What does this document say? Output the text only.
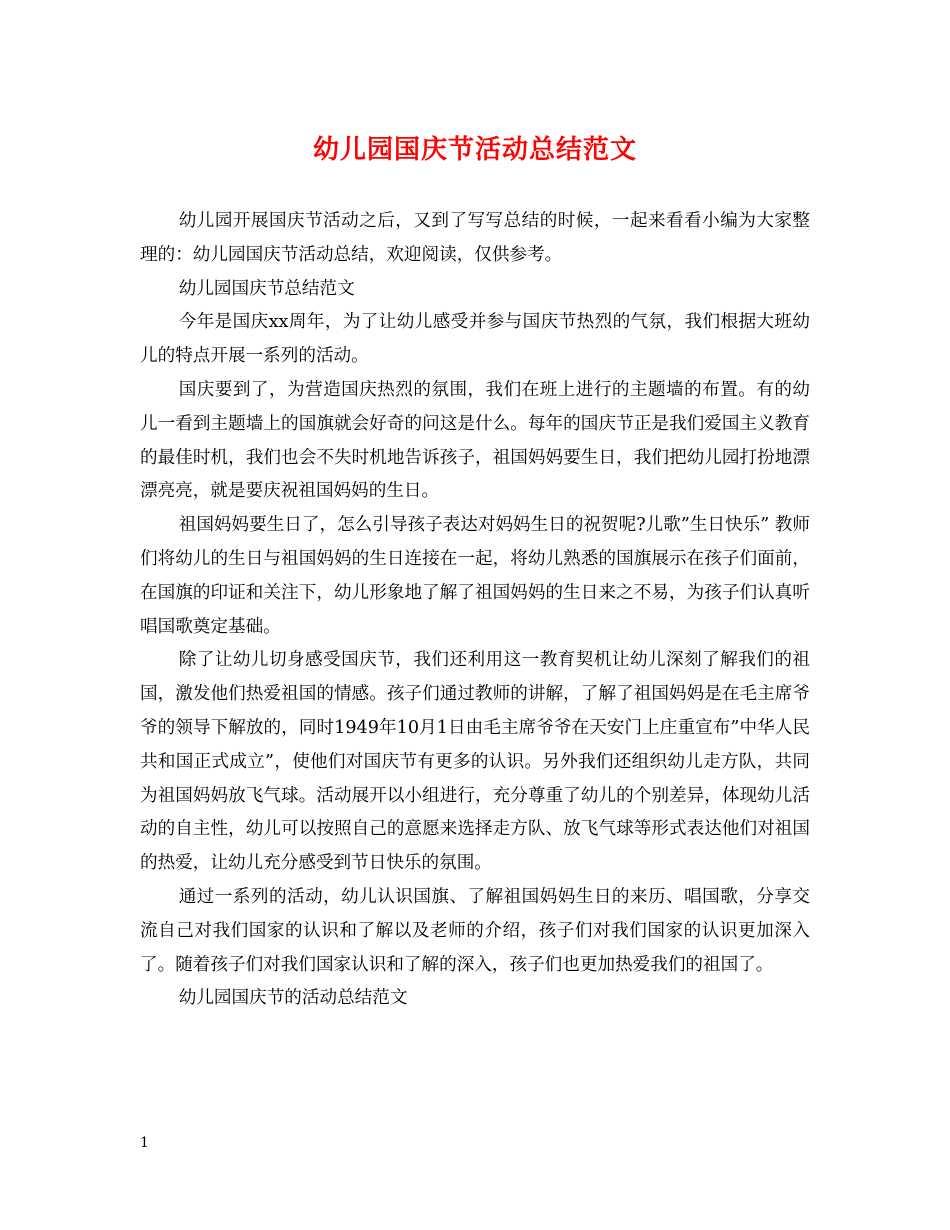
幼儿园国庆节活动总结范文

幼儿园开展国庆节活动之后，又到了写写总结的时候，一起来看看小编为大家整理的：幼儿园国庆节活动总结，欢迎阅读，仅供参考。

幼儿园国庆节总结范文

今年是国庆xx周年，为了让幼儿感受并参与国庆节热烈的气氛，我们根据大班幼儿的特点开展一系列的活动。

国庆要到了，为营造国庆热烈的氛围，我们在班上进行的主题墙的布置。有的幼儿一看到主题墙上的国旗就会好奇的问这是什么。每年的国庆节正是我们爱国主义教育的最佳时机，我们也会不失时机地告诉孩子，祖国妈妈要生日，我们把幼儿园打扮地漂漂亮亮，就是要庆祝祖国妈妈的生日。

祖国妈妈要生日了，怎么引导孩子表达对妈妈生日的祝贺呢?儿歌”生日快乐” 教师们将幼儿的生日与祖国妈妈的生日连接在一起，将幼儿熟悉的国旗展示在孩子们面前，在国旗的印证和关注下，幼儿形象地了解了祖国妈妈的生日来之不易，为孩子们认真听唱国歌奠定基础。

除了让幼儿切身感受国庆节，我们还利用这一教育契机让幼儿深刻了解我们的祖国，激发他们热爱祖国的情感。孩子们通过教师的讲解，了解了祖国妈妈是在毛主席爷爷的领导下解放的，同时1949年10月1日由毛主席爷爷在天安门上庄重宣布”中华人民共和国正式成立”，使他们对国庆节有更多的认识。另外我们还组织幼儿走方队，共同为祖国妈妈放飞气球。活动展开以小组进行，充分尊重了幼儿的个别差异，体现幼儿活动的自主性，幼儿可以按照自己的意愿来选择走方队、放飞气球等形式表达他们对祖国的热爱，让幼儿充分感受到节日快乐的氛围。

通过一系列的活动，幼儿认识国旗、了解祖国妈妈生日的来历、唱国歌，分享交流自己对我们国家的认识和了解以及老师的介绍，孩子们对我们国家的认识更加深入了。随着孩子们对我们国家认识和了解的深入，孩子们也更加热爱我们的祖国了。

幼儿园国庆节的活动总结范文

1
